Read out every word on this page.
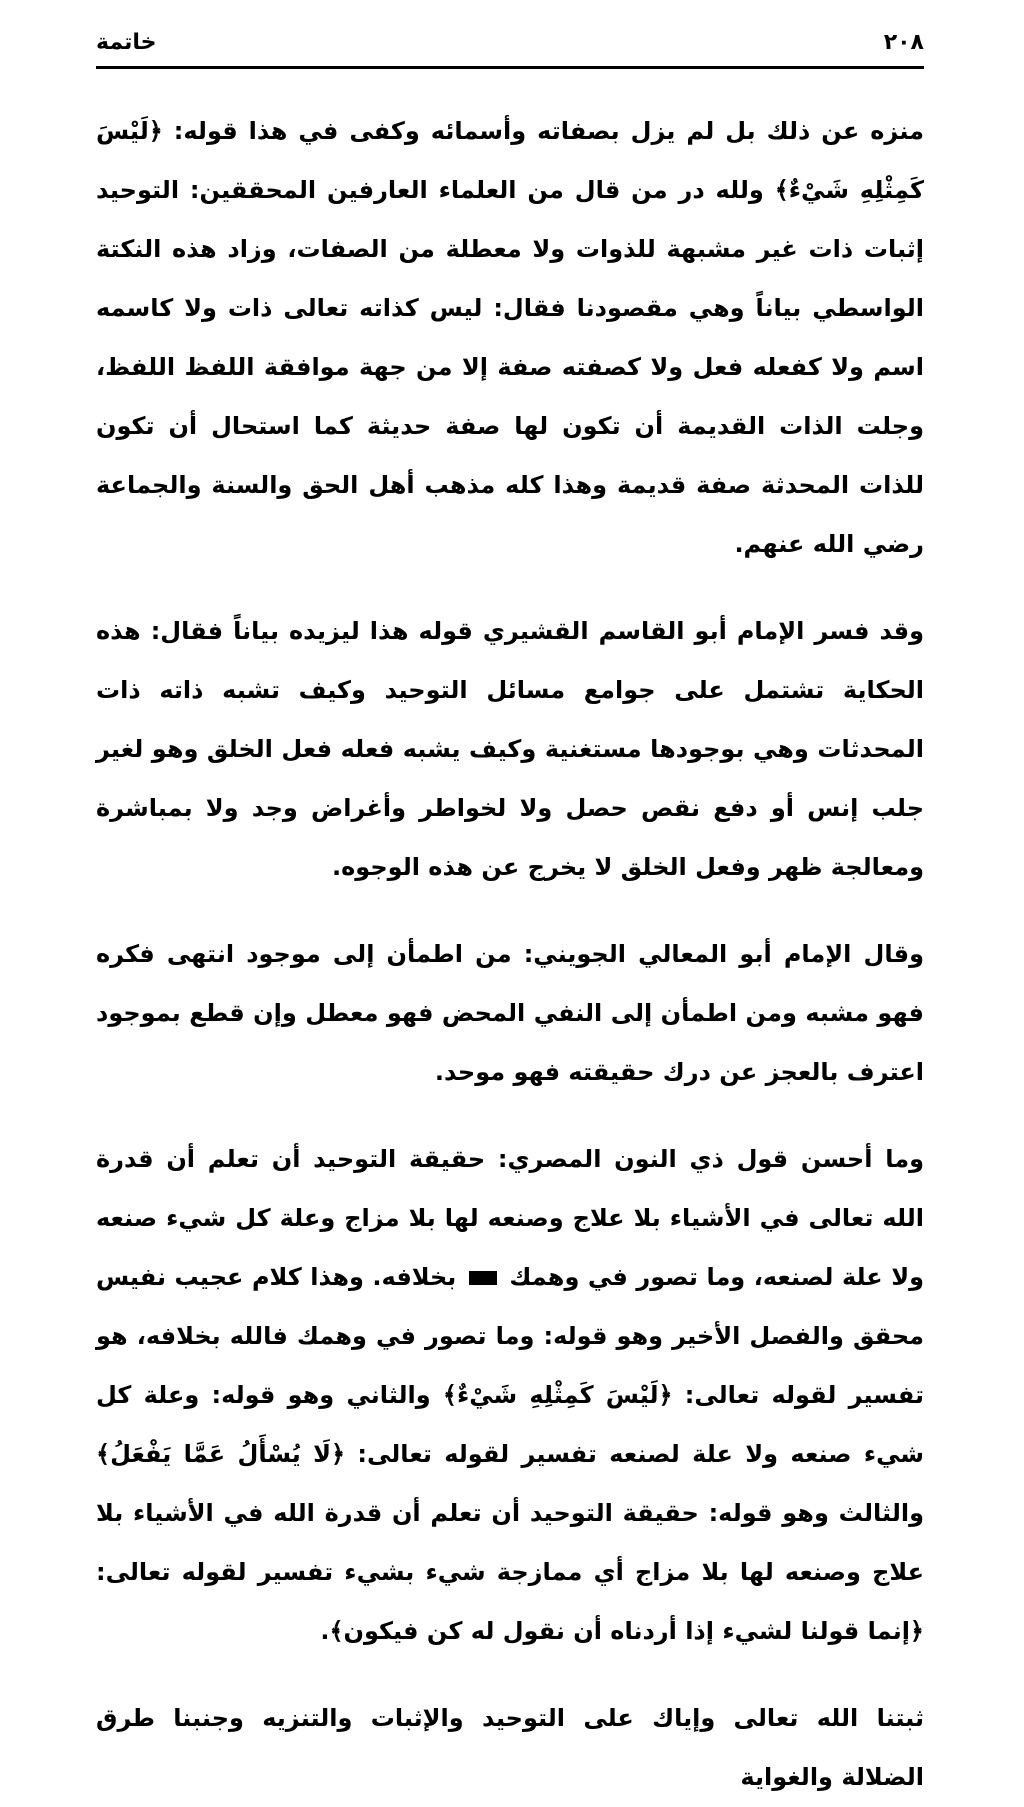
٢٠٨
خاتمة

منزه عن ذلك بل لم يزل بصفاته وأسمائه وكفى في هذا قوله: ﴿لَيْسَ كَمِثْلِهِ شَيْءٌ﴾ ولله در من قال من العلماء العارفين المحققين: التوحيد إثبات ذات غير مشبهة للذوات ولا معطلة من الصفات، وزاد هذه النكتة الواسطي بياناً وهي مقصودنا فقال: ليس كذاته تعالى ذات ولا كاسمه اسم ولا كفعله فعل ولا كصفته صفة إلا من جهة موافقة اللفظ اللفظ، وجلت الذات القديمة أن تكون لها صفة حديثة كما استحال أن تكون للذات المحدثة صفة قديمة وهذا كله مذهب أهل الحق والسنة والجماعة رضي الله عنهم.

وقد فسر الإمام أبو القاسم القشيري قوله هذا ليزيده بياناً فقال: هذه الحكاية تشتمل على جوامع مسائل التوحيد وكيف تشبه ذاته ذات المحدثات وهي بوجودها مستغنية وكيف يشبه فعله فعل الخلق وهو لغير جلب إنس أو دفع نقص حصل ولا لخواطر وأغراض وجد ولا بمباشرة ومعالجة ظهر وفعل الخلق لا يخرج عن هذه الوجوه.

وقال الإمام أبو المعالي الجويني: من اطمأن إلى موجود انتهى فكره فهو مشبه ومن اطمأن إلى النفي المحض فهو معطل وإن قطع بموجود اعترف بالعجز عن درك حقيقته فهو موحد.

وما أحسن قول ذي النون المصري: حقيقة التوحيد أن تعلم أن قدرة الله تعالى في الأشياء بلا علاج وصنعه لها بلا مزاج وعلة كل شيء صنعه ولا علة لصنعه، وما تصور في وهمك  بخلافه. وهذا كلام عجيب نفيس محقق والفصل الأخير وهو قوله: وما تصور في وهمك فالله بخلافه، هو تفسير لقوله تعالى: ﴿لَيْسَ كَمِثْلِهِ شَيْءٌ﴾ والثاني وهو قوله: وعلة كل شيء صنعه ولا علة لصنعه تفسير لقوله تعالى: ﴿لَا يُسْأَلُ عَمَّا يَفْعَلُ﴾ والثالث وهو قوله: حقيقة التوحيد أن تعلم أن قدرة الله في الأشياء بلا علاج وصنعه لها بلا مزاج أي ممازجة شيء بشيء تفسير لقوله تعالى: ﴿إنما قولنا لشيء إذا أردناه أن نقول له كن فيكون﴾.

ثبتنا الله تعالى وإياك على التوحيد والإثبات والتنزيه وجنبنا طرق الضلالة والغواية
